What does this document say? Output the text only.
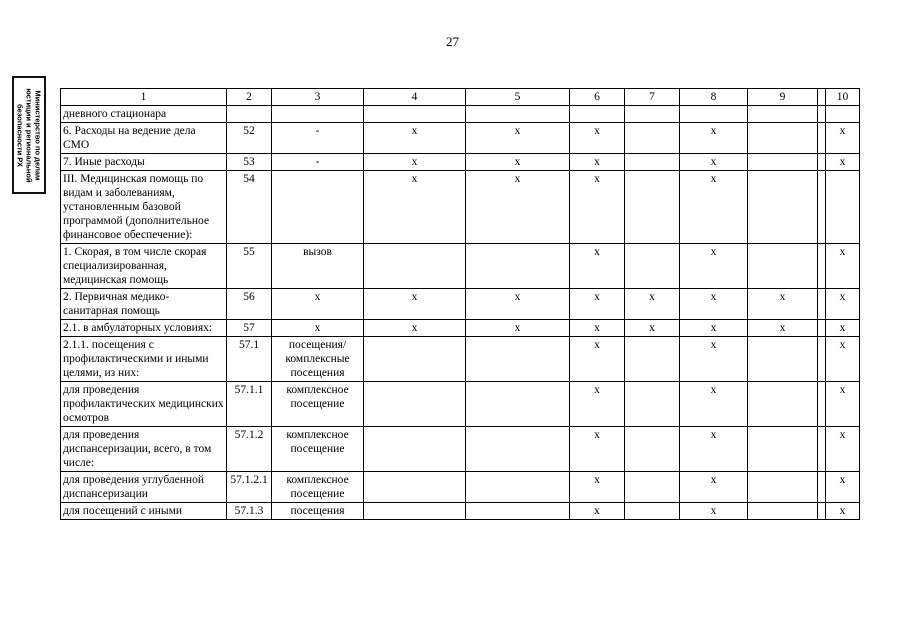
27
Министерство по делам
юстиции и региональной
безопасности РХ
1	2	3	4	5	6	7	8	9		10
дневного стационара										
6. Расходы на ведение дела СМО	52	-	x	x	x		x			x
7. Иные расходы	53	-	x	x	x		x			x
III. Медицинская помощь по видам и заболеваниям, установленным базовой программой (дополнительное финансовое обеспечение):	54		x	x	x		x			
1. Скорая, в том числе скорая специализированная, медицинская помощь	55	вызов			x		x			x
2. Первичная медико-санитарная помощь	56	x	x	x	x	x	x	x		x
2.1. в амбулаторных условиях:	57	x	x	x	x	x	x	x		x
2.1.1. посещения с профилактическими и иными целями, из них:	57.1	посещения/ комплексные посещения			x		x			x
для проведения профилактических медицинских осмотров	57.1.1	комплексное посещение			x		x			x
для проведения диспансеризации, всего, в том числе:	57.1.2	комплексное посещение			x		x			x
для проведения углубленной диспансеризации	57.1.2.1	комплексное посещение			x		x			x
для посещений с иными	57.1.3	посещения			x		x			x
